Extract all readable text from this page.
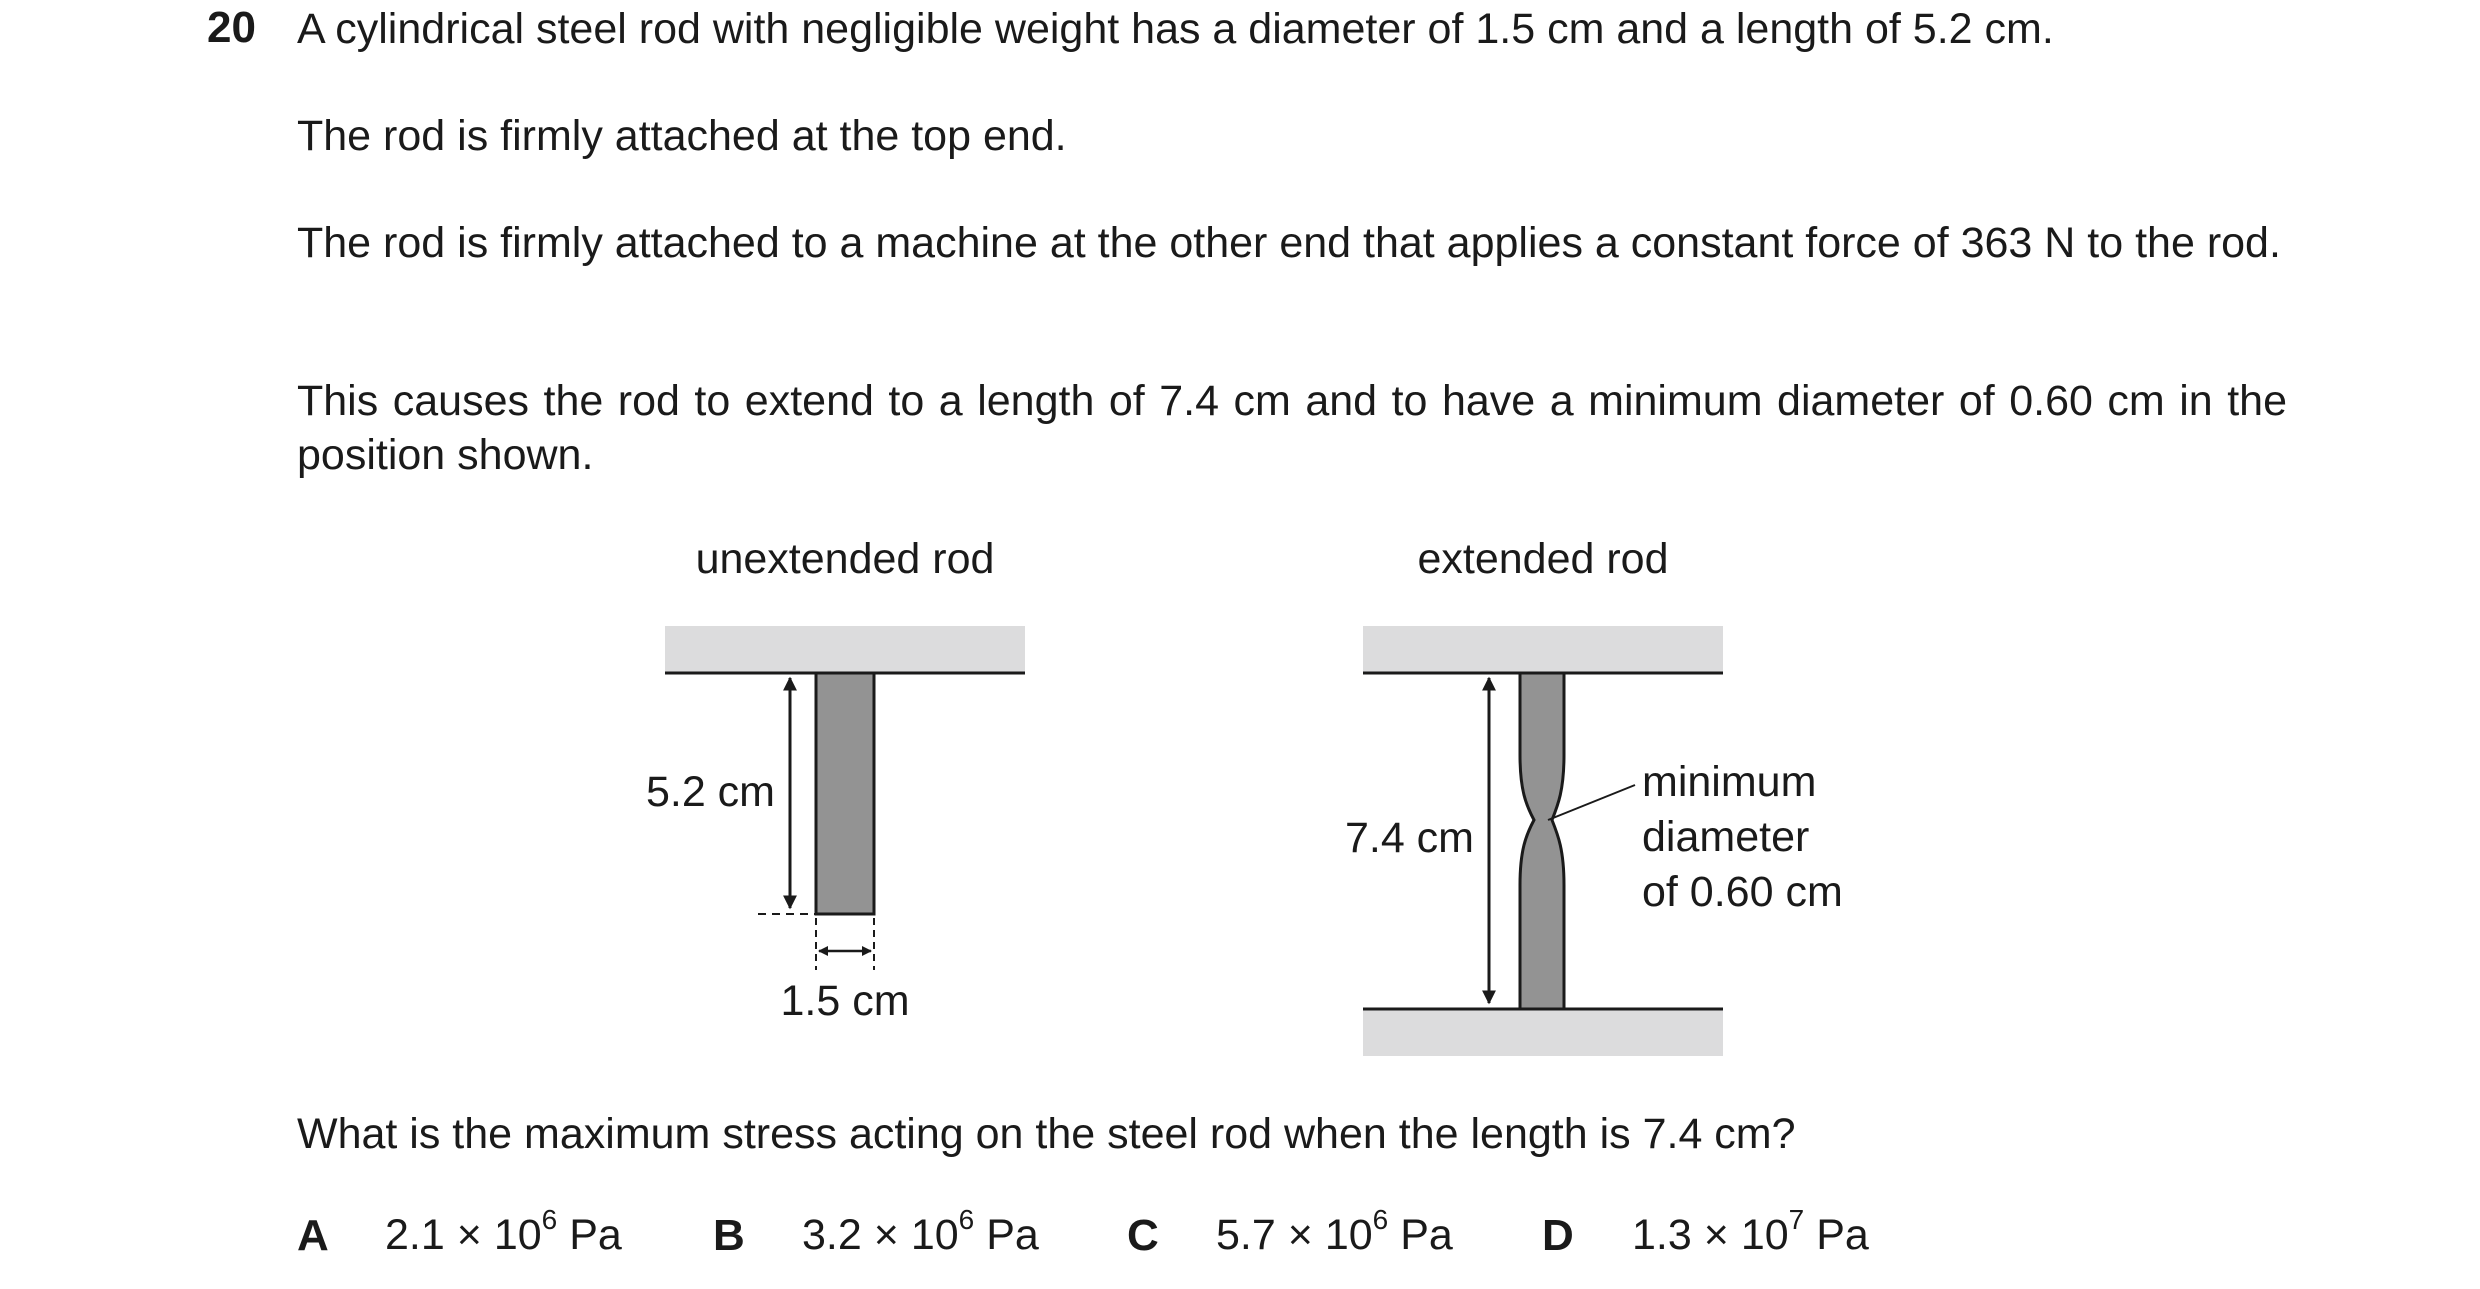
20 A cylindrical steel rod with negligible weight has a diameter of 1.5 cm and a length of 5.2 cm.

The rod is firmly attached at the top end.

The rod is firmly attached to a machine at the other end that applies a constant force of 363 N to the rod.

This causes the rod to extend to a length of 7.4 cm and to have a minimum diameter of 0.60 cm in the position shown.

unextended rod
5.2 cm
1.5 cm
extended rod
7.4 cm
minimum
diameter
of 0.60 cm

What is the maximum stress acting on the steel rod when the length is 7.4 cm?

A $2.1 \times 10^6$ Pa B $3.2 \times 10^6$ Pa C $5.7 \times 10^6$ Pa D $1.3 \times 10^7$ Pa
